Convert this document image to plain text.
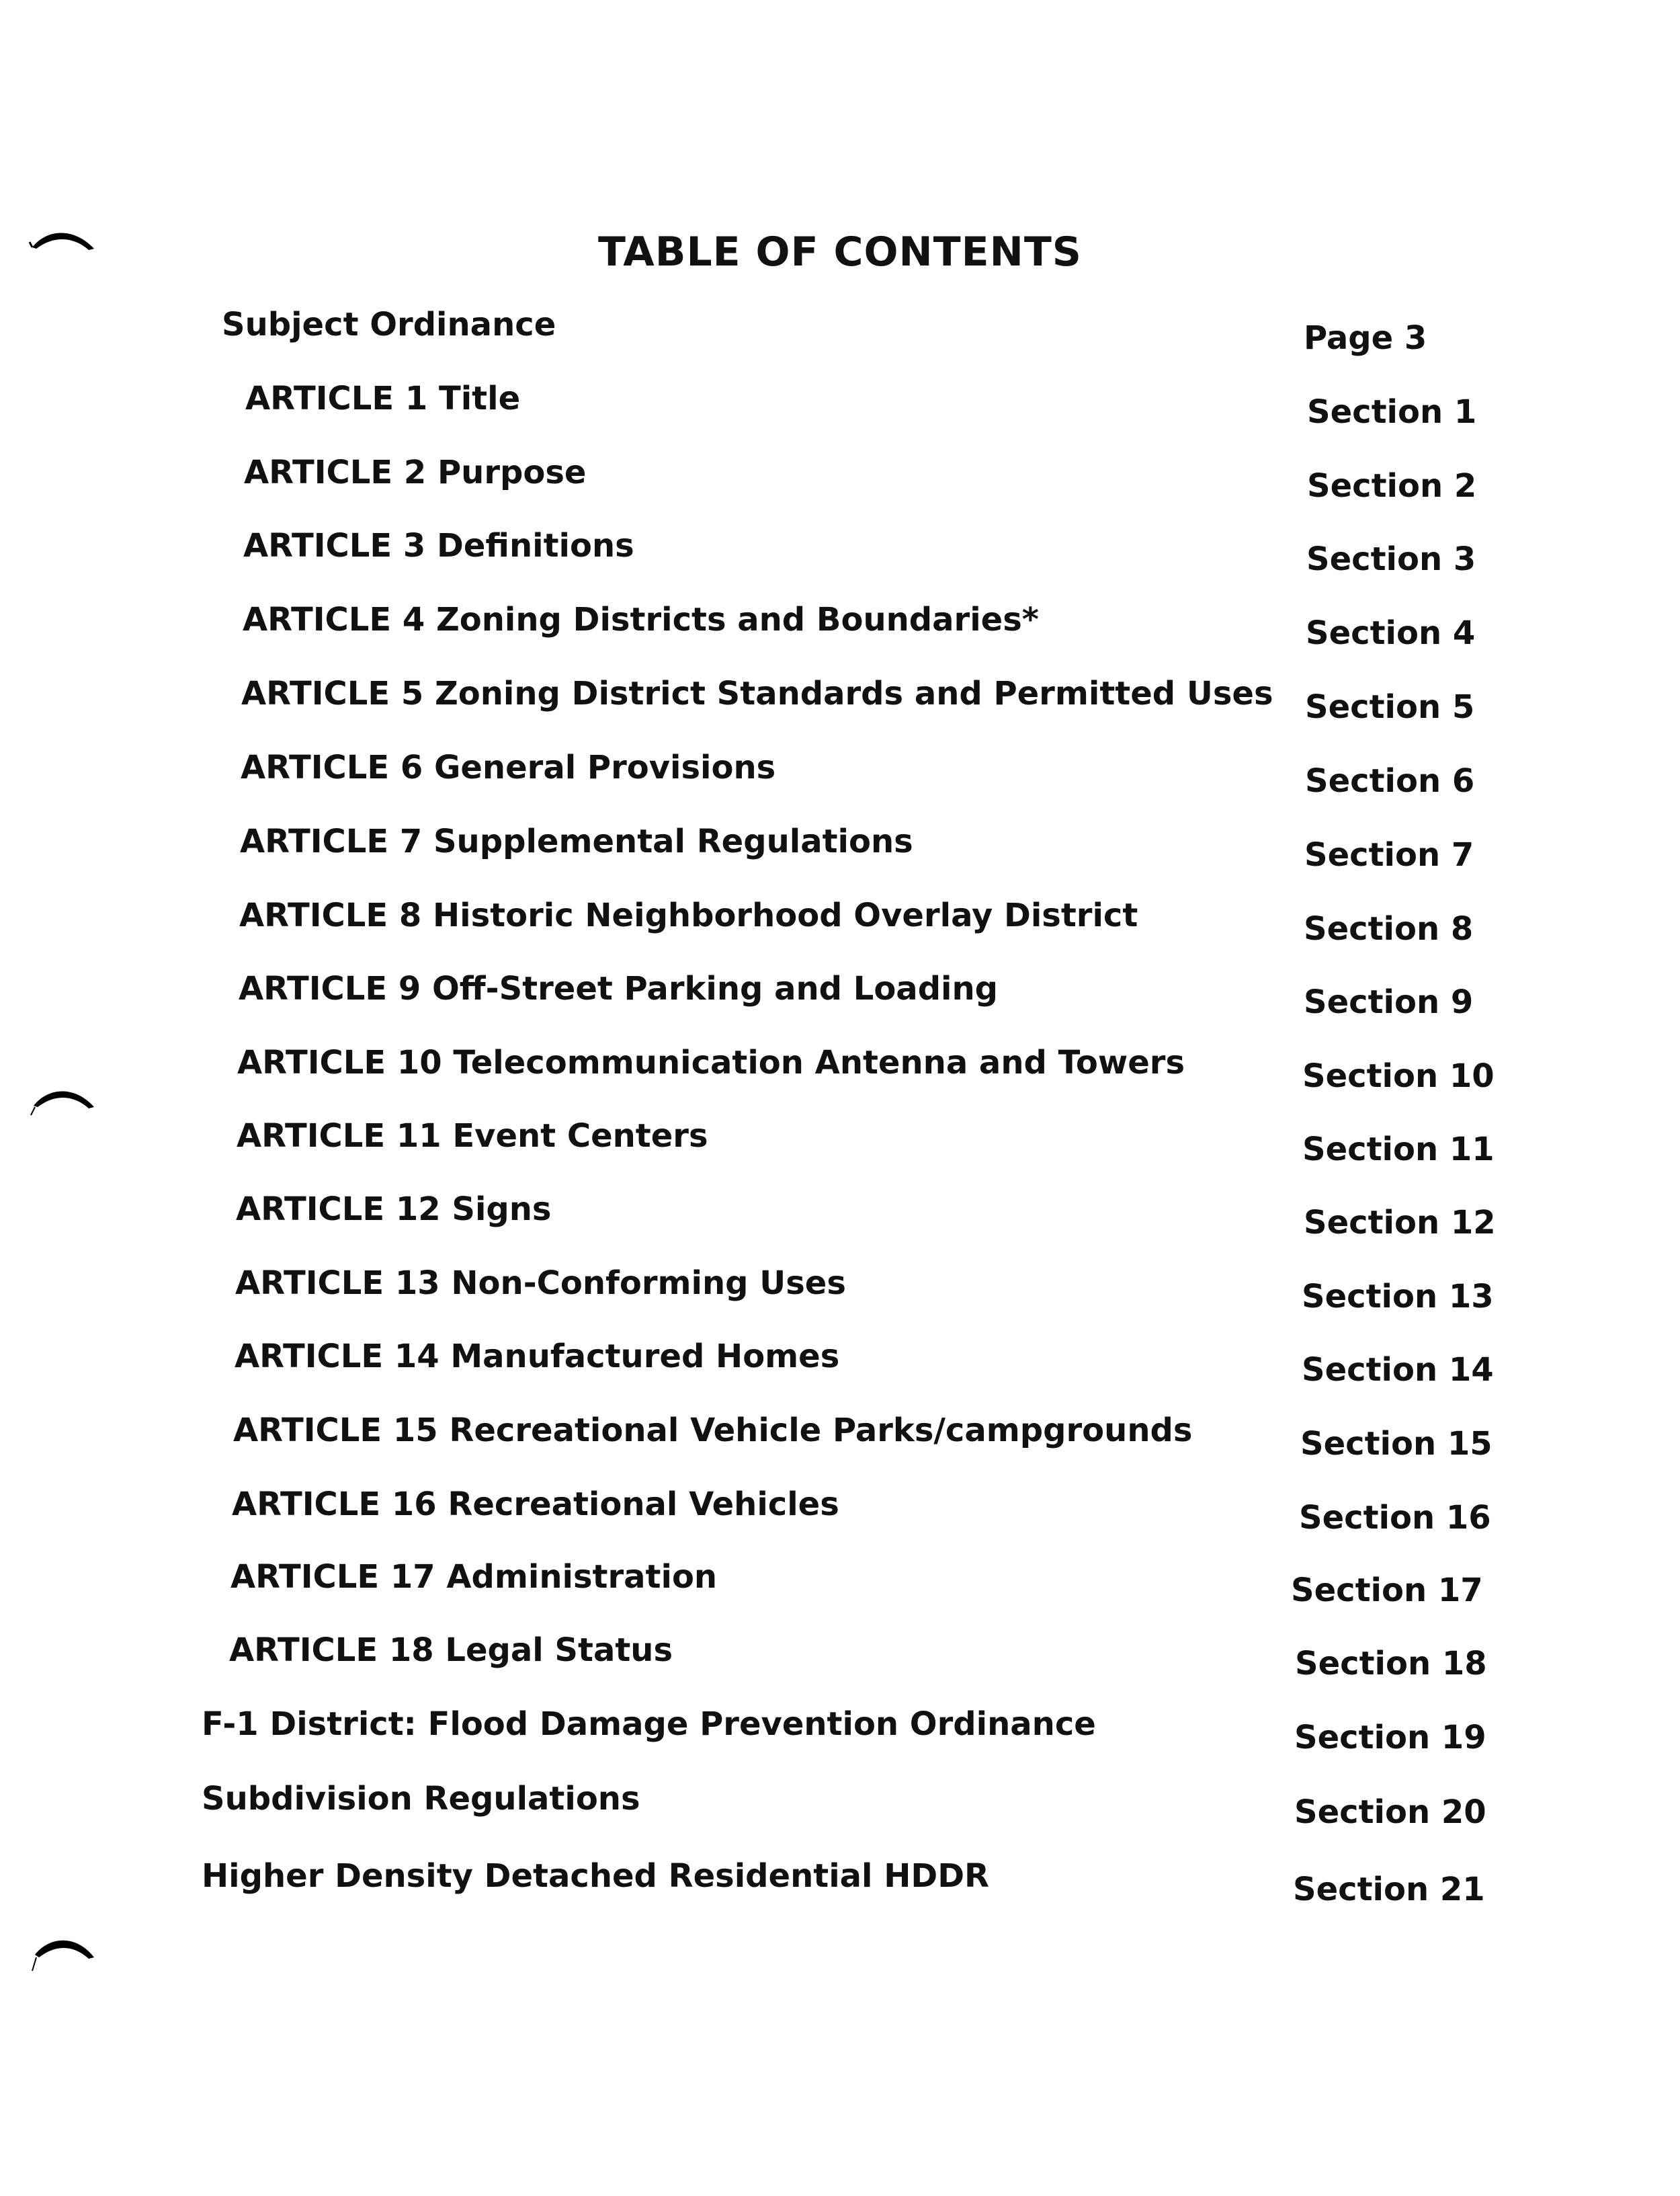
TABLE OF CONTENTS
Subject Ordinance	Page 3
ARTICLE 1 Title	Section 1
ARTICLE 2 Purpose	Section 2
ARTICLE 3 Definitions	Section 3
ARTICLE 4 Zoning Districts and Boundaries*	Section 4
ARTICLE 5 Zoning District Standards and Permitted Uses Section 5
ARTICLE 6 General Provisions	Section 6
ARTICLE 7 Supplemental Regulations	Section 7
ARTICLE 8 Historic Neighborhood Overlay District	Section 8
ARTICLE 9 Off-Street Parking and Loading	Section 9
ARTICLE 10 Telecommunication Antenna and Towers	Section 10
ARTICLE 11 Event Centers	Section 11
ARTICLE 12 Signs	Section 12
ARTICLE 13 Non-Conforming Uses	Section 13
ARTICLE 14 Manufactured Homes	Section 14
ARTICLE 15 Recreational Vehicle Parks/campgrounds	Section 15
ARTICLE 16 Recreational Vehicles	Section 16
ARTICLE 17 Administration	Section 17
ARTICLE 18 Legal Status	Section 18
F-1 District: Flood Damage Prevention Ordinance	Section 19
Subdivision Regulations	Section 20
Higher Density Detached Residential HDDR	Section 21
